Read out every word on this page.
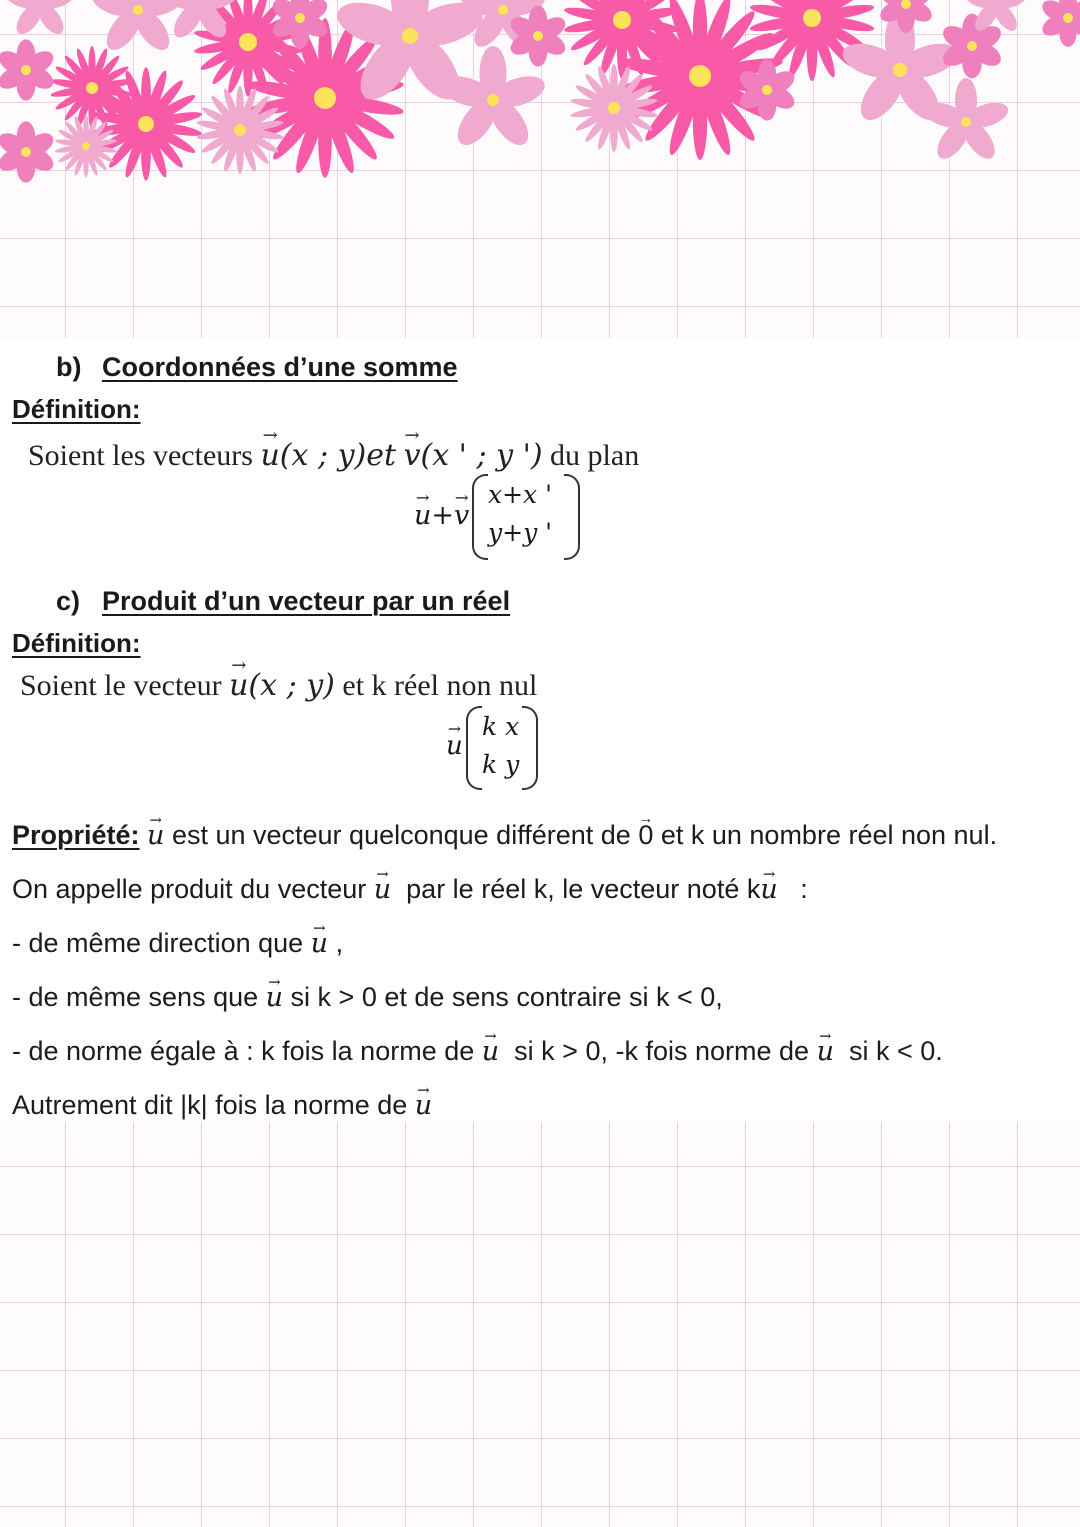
b) Coordonnées d’une somme
Définition:
Soient les vecteurs → u(x ; y)et → v(x ' ; y ') du plan
→ u+→ v
x+x '
y+y '
c) Produit d’un vecteur par un réel
Définition:
Soient le vecteur → u(x ; y) et k réel non nul
→ u
k x
k y
Propriété: → u est un vecteur quelconque différent de → 0 et k un nombre réel non nul.
On appelle produit du vecteur → u par le réel k, le vecteur noté k→ u :
- de même direction que → u ,
- de même sens que → u si k > 0 et de sens contraire si k < 0,
- de norme égale à : k fois la norme de → u si k > 0, -k fois norme de → u si k < 0.
Autrement dit |k| fois la norme de → u
